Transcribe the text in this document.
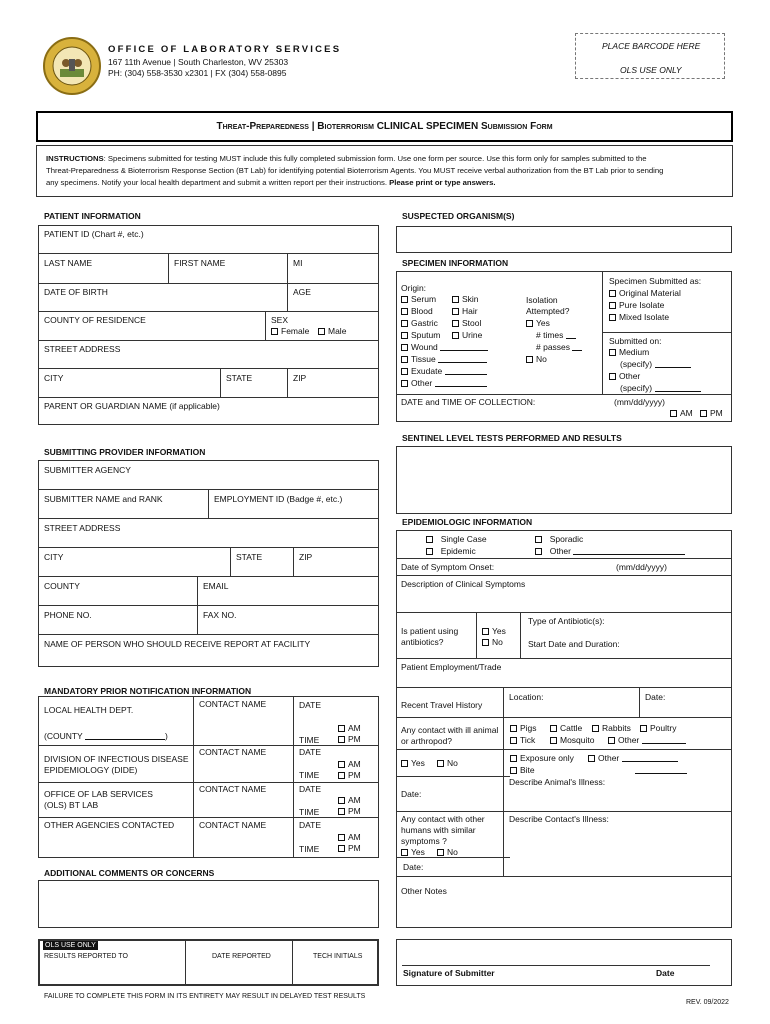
OFFICE OF LABORATORY SERVICES
167 11th Avenue | South Charleston, WV 25303
PH: (304) 558-3530 x2301 | FX (304) 558-0895
PLACE BARCODE HERE
OLS USE ONLY
Threat-Preparedness | Bioterrorism CLINICAL SPECIMEN Submission Form
INSTRUCTIONS: Specimens submitted for testing MUST include this fully completed submission form. Use one form per source. Use this form only for samples submitted to the
Threat-Preparedness & Bioterrorism Response Section (BT Lab) for identifying potential Bioterrorism Agents. You MUST receive verbal authorization from the BT Lab prior to sending
any specimens. Notify your local health department and submit a written report per their instructions. Please print or type answers.
PATIENT INFORMATION
PATIENT ID (Chart #, etc.)
LAST NAME	FIRST NAME	MI
DATE OF BIRTH	AGE
COUNTY OF RESIDENCE	SEX
Female	Male
STREET ADDRESS
CITY	STATE	ZIP
PARENT OR GUARDIAN NAME (if applicable)
SUSPECTED ORGANISM(S)
SPECIMEN INFORMATION
Origin:
Serum	Skin
Blood	Hair
Gastric	Stool
Sputum	Urine
Wound
Tissue
Exudate
Other
Isolation
Attempted?
Yes
# times
# passes
No
Specimen Submitted as:
Original Material
Pure Isolate
Mixed Isolate
Submitted on:
Medium
(specify)
Other
(specify)
DATE and TIME OF COLLECTION:	(mm/dd/yyyy)
AM	PM
SENTINEL LEVEL TESTS PERFORMED AND RESULTS
SUBMITTING PROVIDER INFORMATION
SUBMITTER AGENCY
SUBMITTER NAME and RANK	EMPLOYMENT ID (Badge #, etc.)
STREET ADDRESS
CITY	STATE	ZIP
COUNTY	EMAIL
PHONE NO.	FAX NO.
NAME OF PERSON WHO SHOULD RECEIVE REPORT AT FACILITY
EPIDEMIOLOGIC INFORMATION
Single Case
Epidemic
Sporadic
Other
Date of Symptom Onset:	(mm/dd/yyyy)
Description of Clinical Symptoms
Is patient using
antibiotics?
Yes
No
Type of Antibiotic(s):
Start Date and Duration:
Patient Employment/Trade
Recent Travel History
Location:	Date:
Any contact with ill animal
or arthropod?
Pigs	Cattle	Rabbits	Poultry
Tick	Mosquito	Other
Yes	No	Exposure only	Other
Bite
Describe Animal's Illness:
Date:
Any contact with other
humans with similar
symptoms ?
Yes	No
Date:
Describe Contact's Illness:
Other Notes
MANDATORY PRIOR NOTIFICATION INFORMATION
LOCAL HEALTH DEPT.
(COUNTY	)
CONTACT NAME	DATE
AM
TIME	PM
DIVISION OF INFECTIOUS DISEASE
EPIDEMIOLOGY (DIDE)
CONTACT NAME	DATE
AM
TIME	PM
OFFICE OF LAB SERVICES
(OLS) BT LAB
CONTACT NAME	DATE
AM
TIME	PM
OTHER AGENCIES CONTACTED	CONTACT NAME	DATE
AM
TIME	PM
ADDITIONAL COMMENTS OR CONCERNS
OLS USE ONLY
RESULTS REPORTED TO	DATE REPORTED	TECH INITIALS
Signature of Submitter	Date
FAILURE TO COMPLETE THIS FORM IN ITS ENTIRETY MAY RESULT IN DELAYED TEST RESULTS
REV. 09/2022
